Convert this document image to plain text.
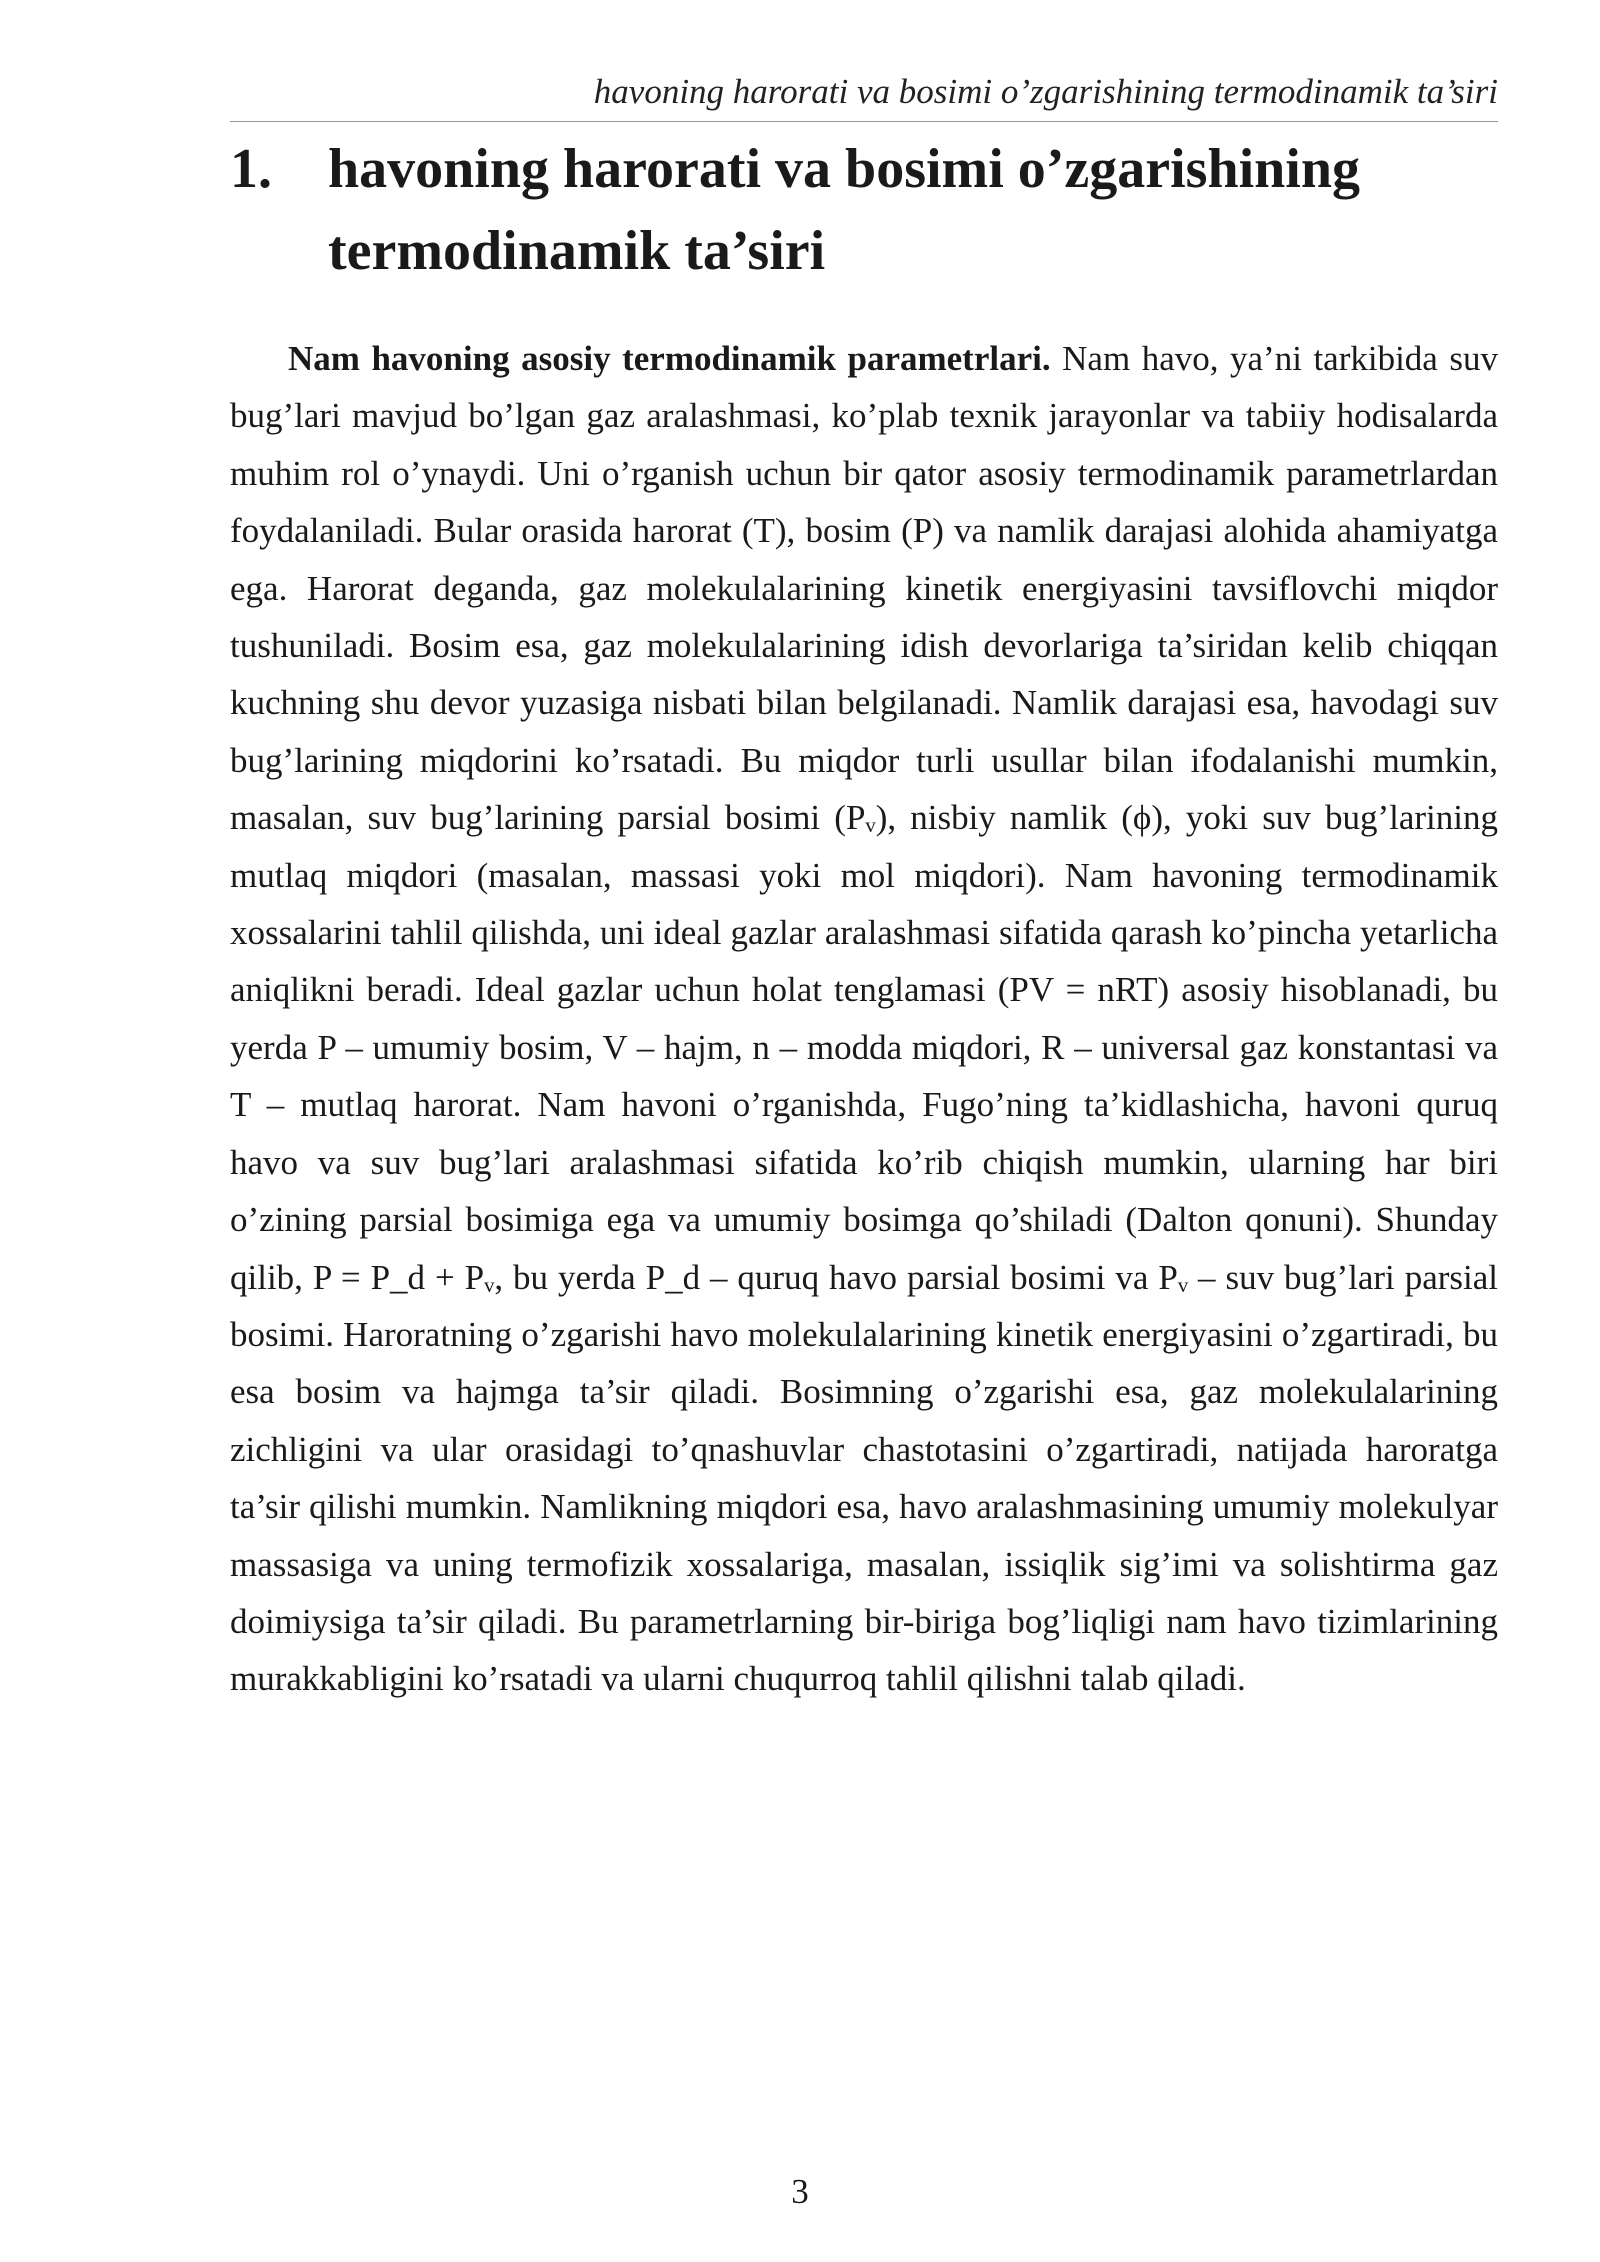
havoning harorati va bosimi o’zgarishining termodinamik ta’siri
1. havoning harorati va bosimi o’zgarishining termodinamik ta’siri

Nam havoning asosiy termodinamik parametrlari. Nam havo, ya’ni tarkibida suv bug’lari mavjud bo’lgan gaz aralashmasi, ko’plab texnik jarayonlar va tabiiy hodisalarda muhim rol o’ynaydi. Uni o’rganish uchun bir qator asosiy termodinamik parametrlardan foydalaniladi. Bular orasida harorat (T), bosim (P) va namlik darajasi alohida ahamiyatga ega. Harorat deganda, gaz molekulalarining kinetik energiyasini tavsiflovchi miqdor tushuniladi. Bosim esa, gaz molekulalarining idish devorlariga ta’siridan kelib chiqqan kuchning shu devor yuzasiga nisbati bilan belgilanadi. Namlik darajasi esa, havodagi suv bug’larining miqdorini ko’rsatadi. Bu miqdor turli usullar bilan ifodalanishi mumkin, masalan, suv bug’larining parsial bosimi (Pᵥ), nisbiy namlik (ϕ), yoki suv bug’larining mutlaq miqdori (masalan, massasi yoki mol miqdori). Nam havoning termodinamik xossalarini tahlil qilishda, uni ideal gazlar aralashmasi sifatida qarash ko’pincha yetarlicha aniqlikni beradi. Ideal gazlar uchun holat tenglamasi (PV = nRT) asosiy hisoblanadi, bu yerda P – umumiy bosim, V – hajm, n – modda miqdori, R – universal gaz konstantasi va T – mutlaq harorat. Nam havoni o’rganishda, Fugo’ning ta’kidlashicha, havoni quruq havo va suv bug’lari aralashmasi sifatida ko’rib chiqish mumkin, ularning har biri o’zining parsial bosimiga ega va umumiy bosimga qo’shiladi (Dalton qonuni). Shunday qilib, P = P_d + Pᵥ, bu yerda P_d – quruq havo parsial bosimi va Pᵥ – suv bug’lari parsial bosimi. Haroratning o’zgarishi havo molekulalarining kinetik energiyasini o’zgartiradi, bu esa bosim va hajmga ta’sir qiladi. Bosimning o’zgarishi esa, gaz molekulalarining zichligini va ular orasidagi to’qnashuvlar chastotasini o’zgartiradi, natijada haroratga ta’sir qilishi mumkin. Namlikning miqdori esa, havo aralashmasining umumiy molekulyar massasiga va uning termofizik xossalariga, masalan, issiqlik sig’imi va solishtirma gaz doimiysiga ta’sir qiladi. Bu parametrlarning bir-biriga bog’liqligi nam havo tizimlarining murakkabligini ko’rsatadi va ularni chuqurroq tahlil qilishni talab qiladi.

3
